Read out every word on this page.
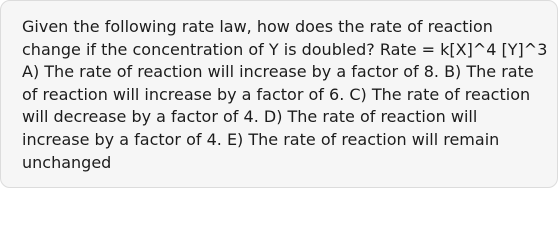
Given the following rate law, how does the rate of reaction
change if the concentration of Y is doubled? Rate = k[X]^4 [Y]^3
A) The rate of reaction will increase by a factor of 8. B) The rate
of reaction will increase by a factor of 6. C) The rate of reaction
will decrease by a factor of 4. D) The rate of reaction will
increase by a factor of 4. E) The rate of reaction will remain
unchanged
